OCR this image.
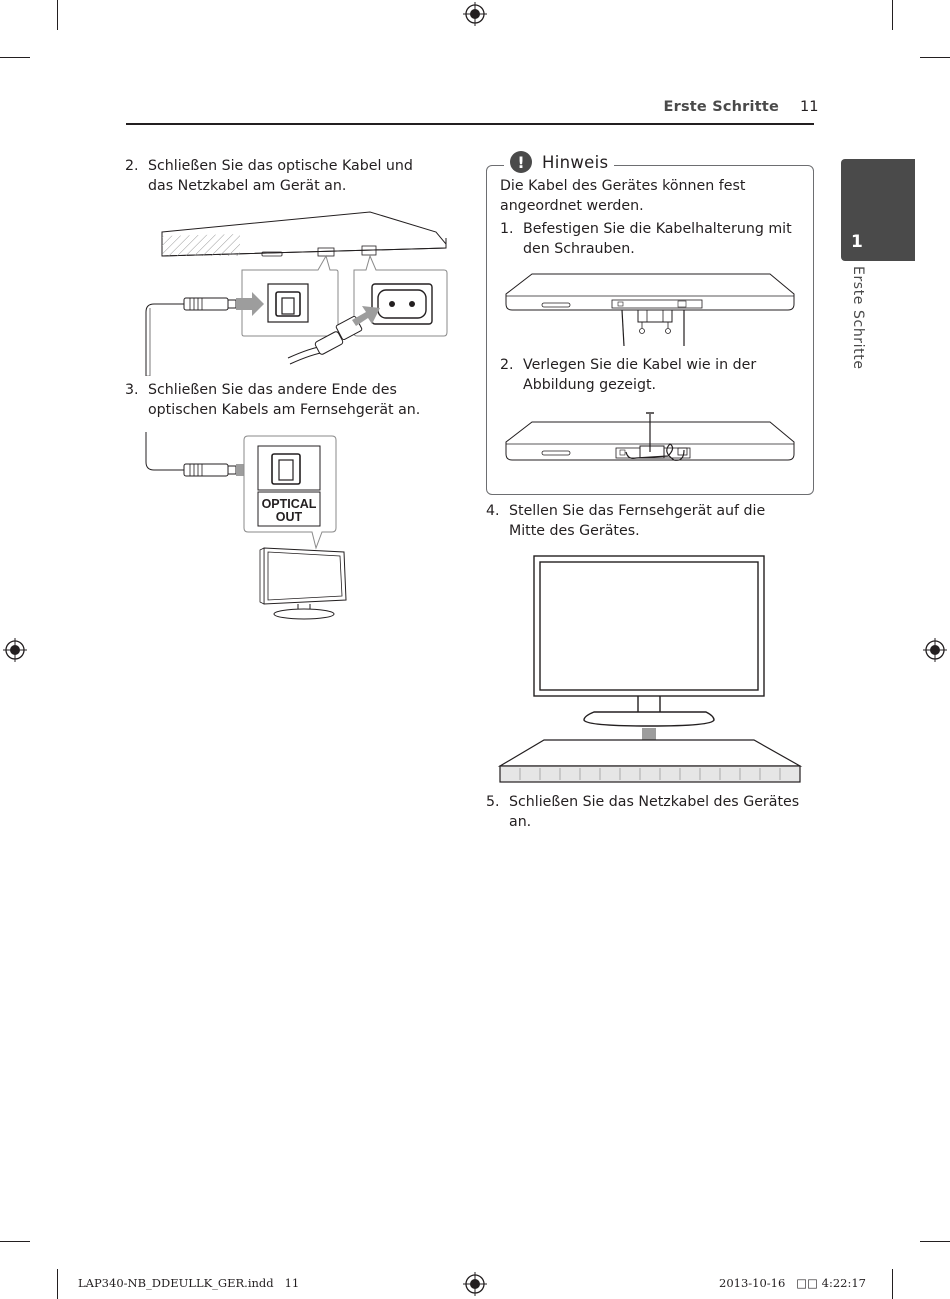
Erste Schritte 11
1
Erste Schritte
2. Schließen Sie das optische Kabel und das Netzkabel am Gerät an.
3. Schließen Sie das andere Ende des optischen Kabels am Fernsehgerät an.
OPTICAL
OUT
!	Hinweis
Die Kabel des Gerätes können fest angeordnet werden.
1. Befestigen Sie die Kabelhalterung mit den Schrauben.
2. Verlegen Sie die Kabel wie in der Abbildung gezeigt.
4. Stellen Sie das Fernsehgerät auf die Mitte des Gerätes.
5. Schließen Sie das Netzkabel des Gerätes an.
LAP340-NB_DDEULLK_GER.indd   11	2013-10-16   □□ 4:22:17
